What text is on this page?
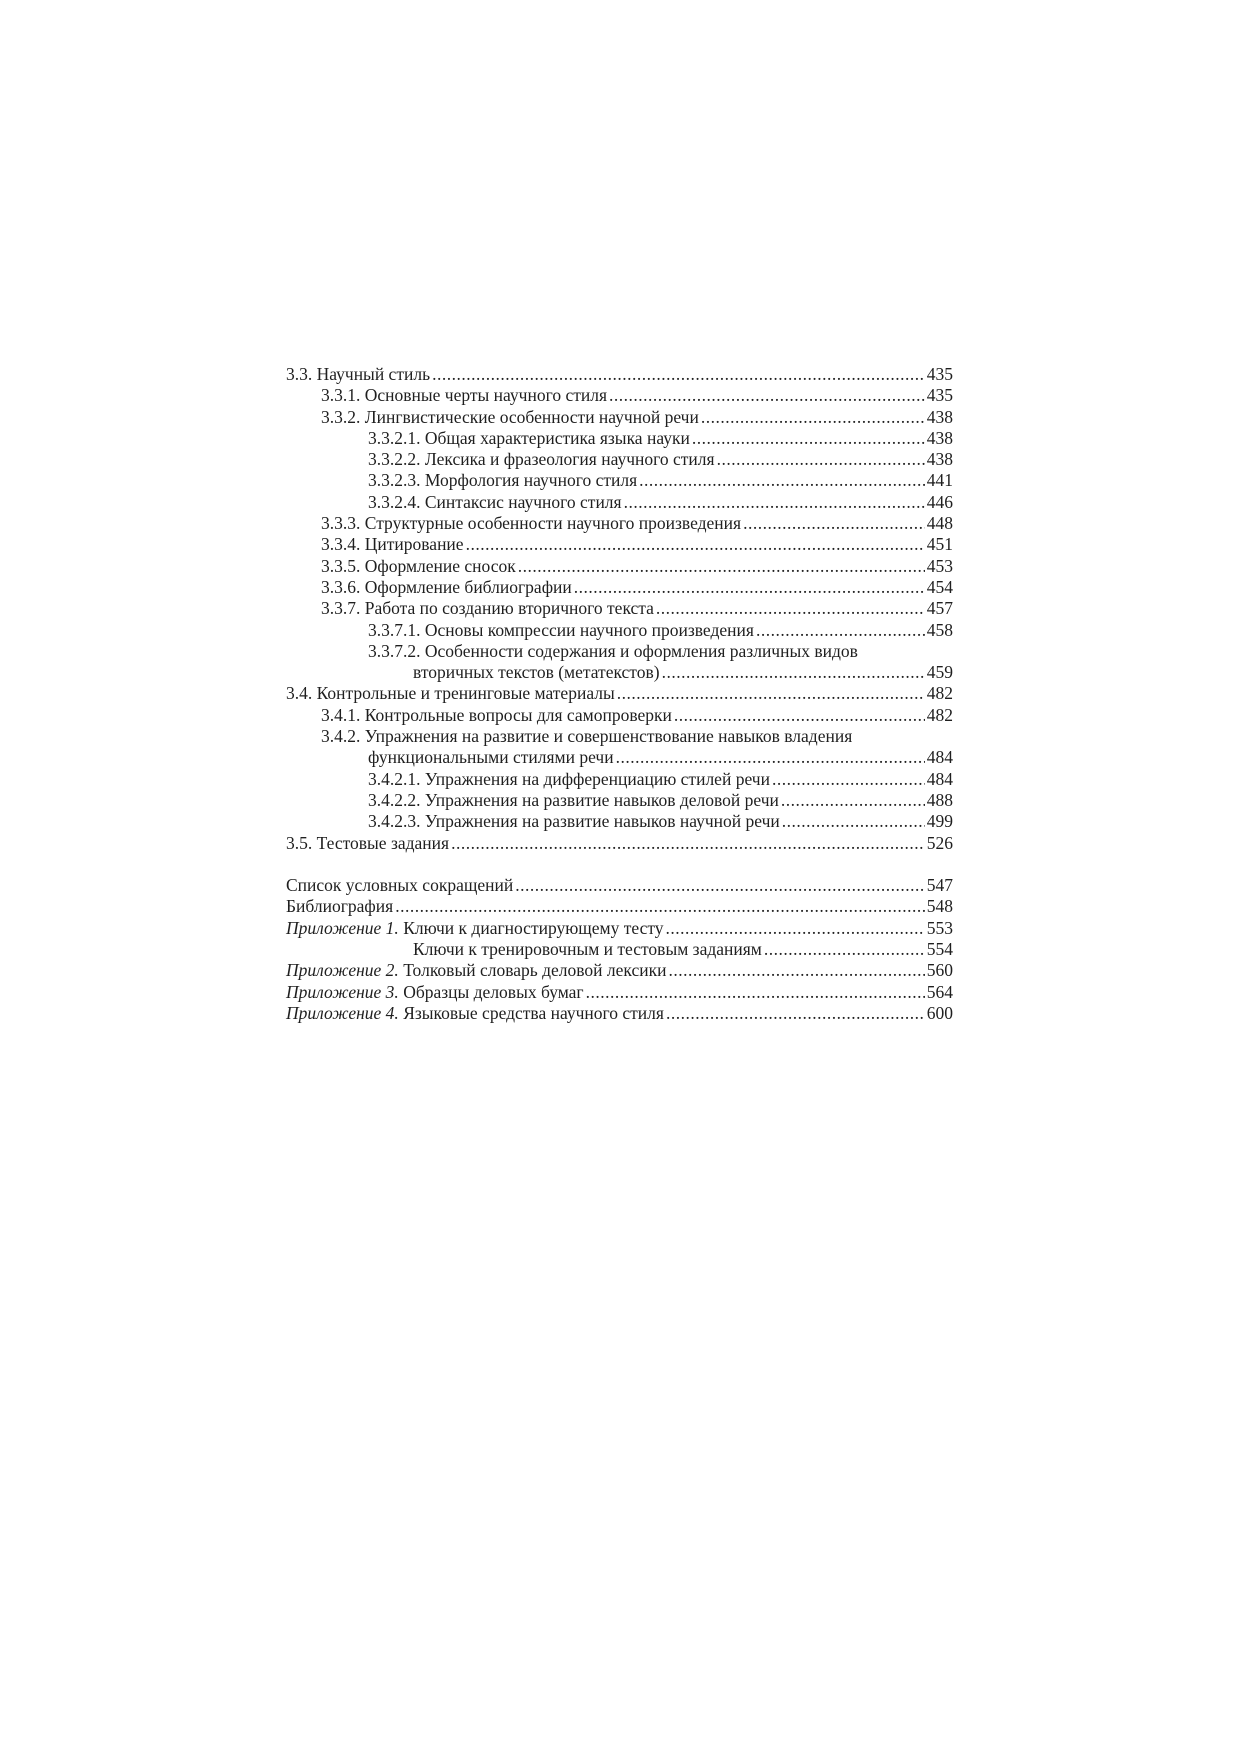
3.3. Научный стиль .....	435
3.3.1. Основные черты научного стиля .....	435
3.3.2. Лингвистические особенности научной речи .....	438
3.3.2.1. Общая характеристика языка науки .....	438
3.3.2.2. Лексика и фразеология научного стиля .....	438
3.3.2.3. Морфология научного стиля .....	441
3.3.2.4. Синтаксис научного стиля .....	446
3.3.3. Структурные особенности научного произведения .....	448
3.3.4. Цитирование .....	451
3.3.5. Оформление сносок .....	453
3.3.6. Оформление библиографии .....	454
3.3.7. Работа по созданию вторичного текста .....	457
3.3.7.1. Основы компрессии научного произведения .....	458
3.3.7.2. Особенности содержания и оформления различных видов
вторичных текстов (метатекстов) .....	459
3.4. Контрольные и тренинговые материалы .....	482
3.4.1. Контрольные вопросы для самопроверки .....	482
3.4.2. Упражнения на развитие и совершенствование навыков владения
функциональными стилями речи .....	484
3.4.2.1. Упражнения на дифференциацию стилей речи .....	484
3.4.2.2. Упражнения на развитие навыков деловой речи .....	488
3.4.2.3. Упражнения на развитие навыков научной речи .....	499
3.5. Тестовые задания .....	526
Список условных сокращений .....	547
Библиография .....	548
Приложение 1. Ключи к диагностирующему тесту .....	553
Ключи к тренировочным и тестовым заданиям .....	554
Приложение 2. Толковый словарь деловой лексики .....	560
Приложение 3. Образцы деловых бумаг .....	564
Приложение 4. Языковые средства научного стиля .....	600
